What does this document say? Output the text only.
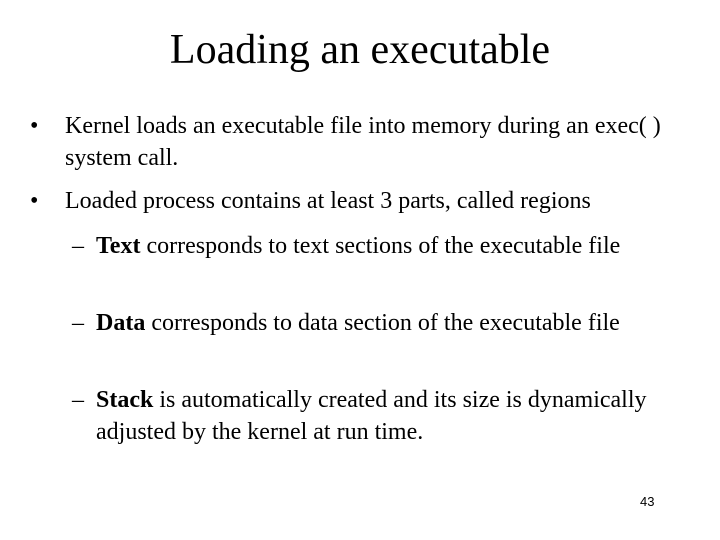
Loading an executable
• Kernel loads an executable file into memory during an exec( ) system call.
• Loaded process contains at least 3 parts, called regions
– Text corresponds to text sections of the executable file
– Data corresponds to data section of the executable file
– Stack is automatically created and its size is dynamically adjusted by the kernel at run time.
43
